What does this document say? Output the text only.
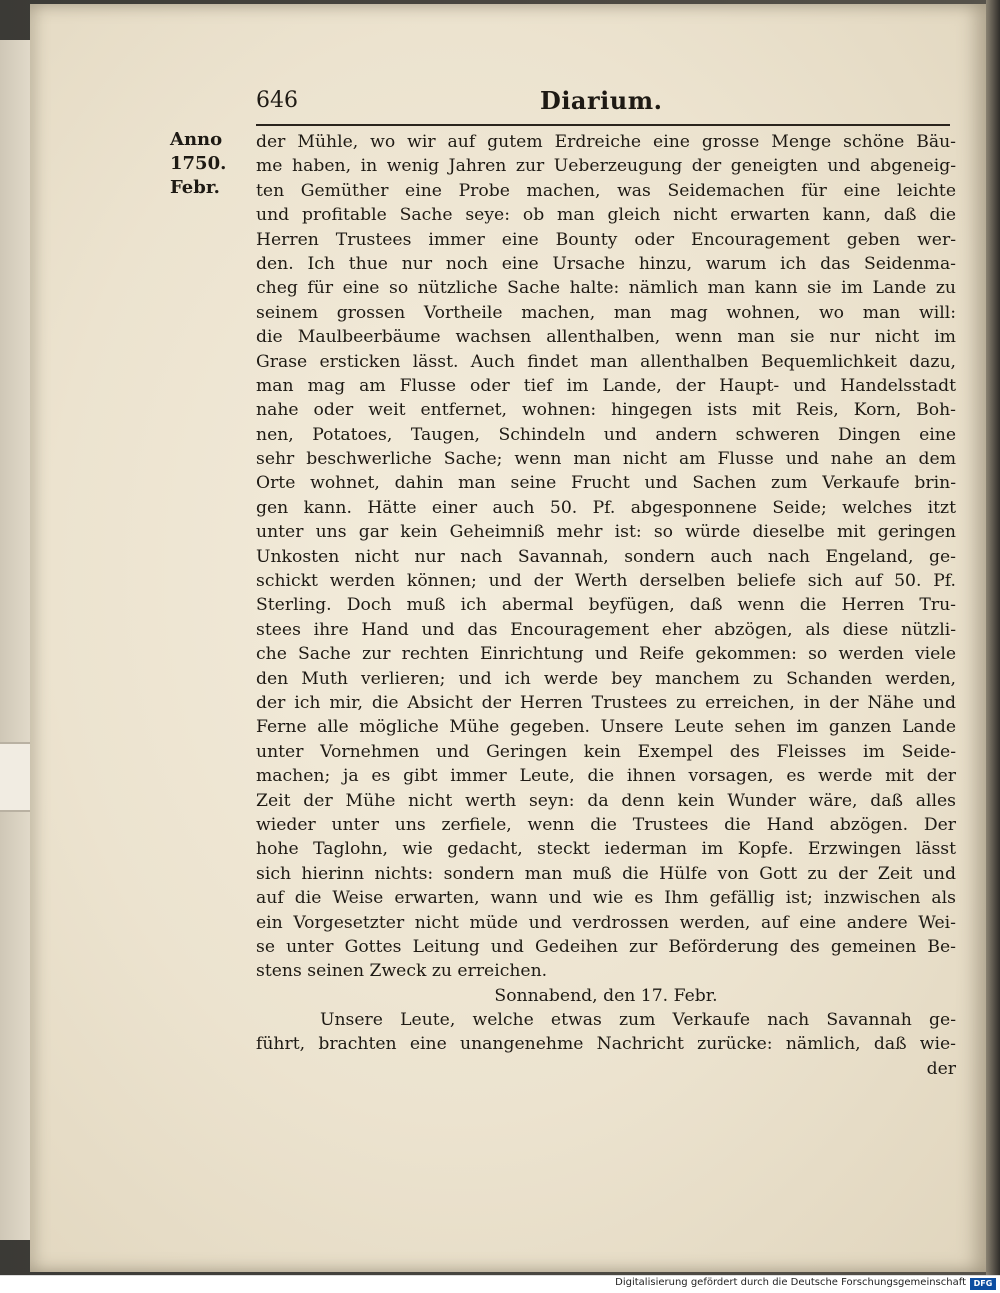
646	Diarium.
Anno
1750.
Febr.
der Mühle, wo wir auf gutem Erdreiche eine grosse Menge schöne Bäu-
me haben, in wenig Jahren zur Ueberzeugung der geneigten und abgeneig-
ten Gemüther eine Probe machen, was Seidemachen für eine leichte
und profitable Sache seye: ob man gleich nicht erwarten kann, daß die
Herren Trustees immer eine Bounty oder Encouragement geben wer-
den. Ich thue nur noch eine Ursache hinzu, warum ich das Seidenma-
cheg für eine so nützliche Sache halte: nämlich man kann sie im Lande zu
seinem grossen Vortheile machen, man mag wohnen, wo man will:
die Maulbeerbäume wachsen allenthalben, wenn man sie nur nicht im
Grase ersticken lässt. Auch findet man allenthalben Bequemlichkeit dazu,
man mag am Flusse oder tief im Lande, der Haupt- und Handelsstadt
nahe oder weit entfernet, wohnen: hingegen ists mit Reis, Korn, Boh-
nen, Potatoes, Taugen, Schindeln und andern schweren Dingen eine
sehr beschwerliche Sache; wenn man nicht am Flusse und nahe an dem
Orte wohnet, dahin man seine Frucht und Sachen zum Verkaufe brin-
gen kann. Hätte einer auch 50. Pf. abgesponnene Seide; welches itzt
unter uns gar kein Geheimniß mehr ist: so würde dieselbe mit geringen
Unkosten nicht nur nach Savannah, sondern auch nach Engeland, ge-
schickt werden können; und der Werth derselben beliefe sich auf 50. Pf.
Sterling. Doch muß ich abermal beyfügen, daß wenn die Herren Tru-
stees ihre Hand und das Encouragement eher abzögen, als diese nützli-
che Sache zur rechten Einrichtung und Reife gekommen: so werden viele
den Muth verlieren; und ich werde bey manchem zu Schanden werden,
der ich mir, die Absicht der Herren Trustees zu erreichen, in der Nähe und
Ferne alle mögliche Mühe gegeben. Unsere Leute sehen im ganzen Lande
unter Vornehmen und Geringen kein Exempel des Fleisses im Seide-
machen; ja es gibt immer Leute, die ihnen vorsagen, es werde mit der
Zeit der Mühe nicht werth seyn: da denn kein Wunder wäre, daß alles
wieder unter uns zerfiele, wenn die Trustees die Hand abzögen. Der
hohe Taglohn, wie gedacht, steckt iederman im Kopfe. Erzwingen lässt
sich hierinn nichts: sondern man muß die Hülfe von Gott zu der Zeit und
auf die Weise erwarten, wann und wie es Ihm gefällig ist; inzwischen als
ein Vorgesetzter nicht müde und verdrossen werden, auf eine andere Wei-
se unter Gottes Leitung und Gedeihen zur Beförderung des gemeinen Be-
stens seinen Zweck zu erreichen.
Sonnabend, den 17. Febr.
Unsere Leute, welche etwas zum Verkaufe nach Savannah ge-
führt, brachten eine unangenehme Nachricht zurücke: nämlich, daß wie-
der
Digitalisierung gefördert durch die Deutsche Forschungsgemeinschaft DFG
